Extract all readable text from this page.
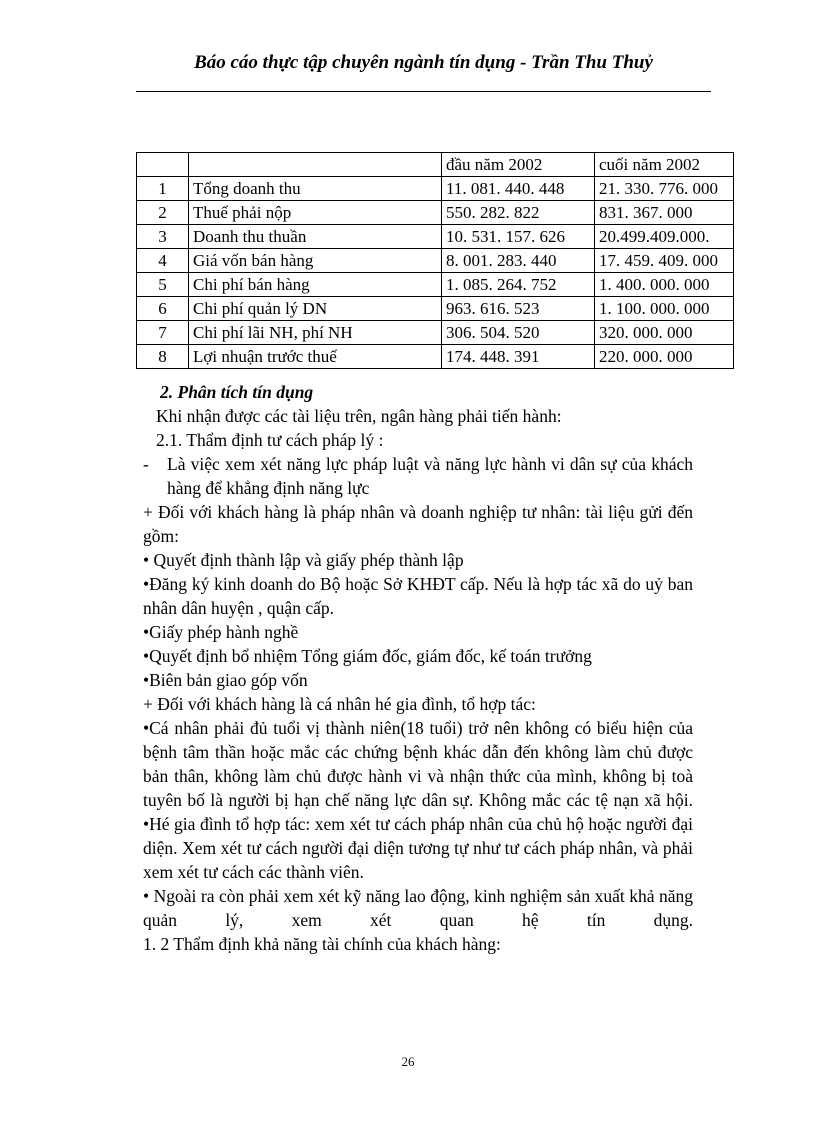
Báo cáo thực tập chuyên ngành tín dụng - Trần Thu Thuỷ
		đầu năm 2002	cuối năm 2002
1	Tổng doanh thu	11. 081. 440. 448	21. 330. 776. 000
2	Thuế phải nộp	550. 282. 822	831. 367. 000
3	Doanh thu thuần	10. 531. 157. 626	20.499.409.000.
4	Giá vốn bán hàng	8. 001. 283. 440	17. 459. 409. 000
5	Chi phí bán hàng	1. 085. 264. 752	1. 400. 000. 000
6	Chi phí quản lý DN	963. 616. 523	1. 100. 000. 000
7	Chi phí lãi NH, phí NH	306. 504. 520	320. 000. 000
8	Lợi nhuận trước thuế	174. 448. 391	220. 000. 000

2. Phân tích tín dụng

Khi nhận được các tài liệu trên, ngân hàng phải tiến hành:

2.1. Thẩm định tư cách pháp lý :

-	Là việc xem xét năng lực pháp luật và năng lực hành vi dân sự của khách hàng để khẳng định năng lực

+ Đối với khách hàng là pháp nhân và doanh nghiệp tư nhân: tài liệu gửi đến gồm:

• Quyết định thành lập và giấy phép thành lập

•Đăng ký kinh doanh do Bộ hoặc Sở KHĐT cấp. Nếu là hợp tác xã do uỷ ban nhân dân huyện , quận cấp.

•Giấy phép hành nghề

•Quyết định bổ nhiệm Tổng giám đốc, giám đốc, kế toán trưởng

•Biên bản giao góp vốn

+ Đối với khách hàng là cá nhân hé gia đình, tổ hợp tác:

•Cá nhân phải đủ tuổi vị thành niên(18 tuổi) trở nên không có biểu hiện của bệnh tâm thần hoặc mắc các chứng bệnh khác dẫn đến không làm chủ được bản thân, không làm chủ được hành vi và nhận thức của mình, không bị toà tuyên bố là người bị hạn chế năng lực dân sự. Không mắc các tệ nạn xã hội.

•Hé gia đình tổ hợp tác: xem xét tư cách pháp nhân của chủ hộ hoặc người đại diện. Xem xét tư cách người đại diện tương tự như tư cách pháp nhân, và phải xem xét tư cách các thành viên.

• Ngoài ra còn phải xem xét kỹ năng lao động, kinh nghiệm sản xuất khả năng quản lý, xem xét quan hệ tín dụng.

1. 2 Thẩm định khả năng tài chính của khách hàng:

26
